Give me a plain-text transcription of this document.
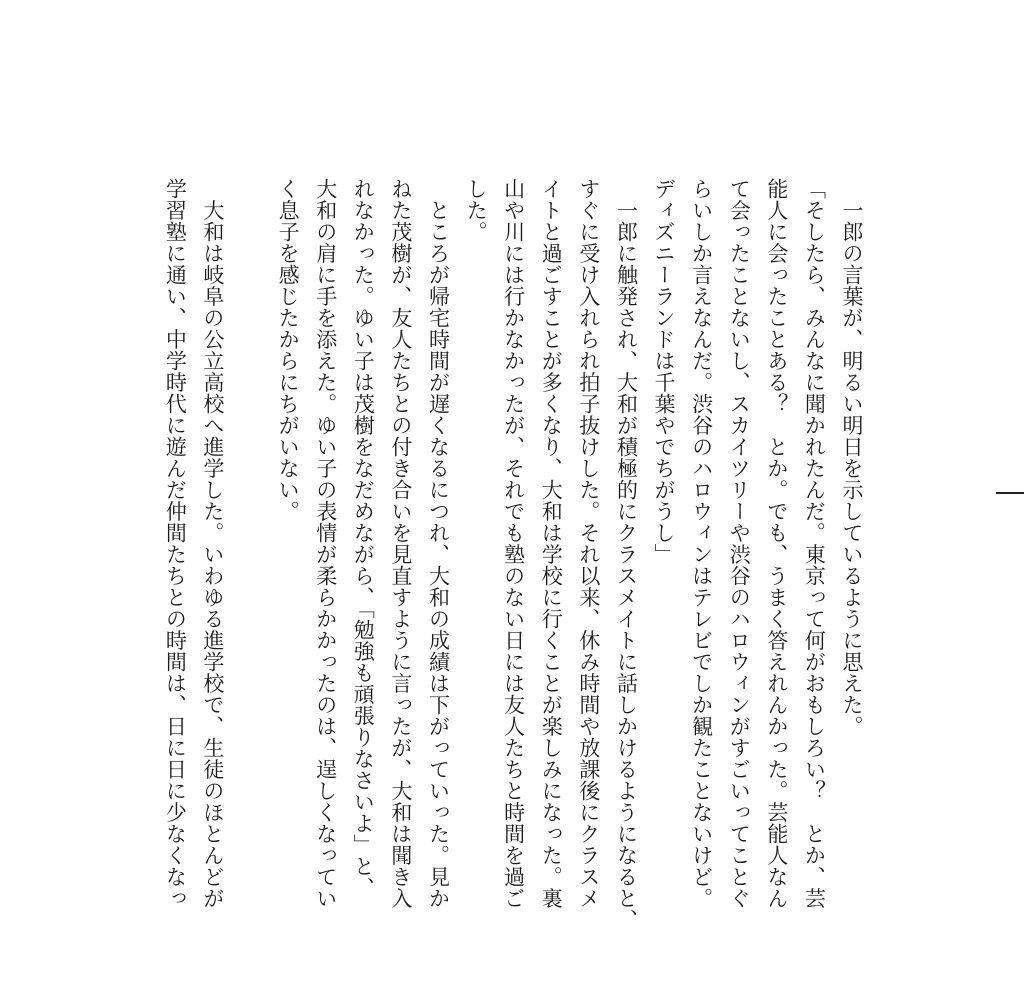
　一郎の言葉が、明るい明日を示しているように思えた。
「そしたら、みんなに聞かれたんだ。東京って何がおもしろい？　とか、芸
能人に会ったことある？　とか。でも、うまく答えれんかった。芸能人なん
て会ったことないし、スカイツリーや渋谷のハロウィンがすごいってことぐ
らいしか言えなんだ。渋谷のハロウィンはテレビでしか観たことないけど。
ディズニーランドは千葉やでちがうし」
　一郎に触発され、大和が積極的にクラスメイトに話しかけるようになると、
すぐに受け入れられ拍子抜けした。それ以来、休み時間や放課後にクラスメ
イトと過ごすことが多くなり、大和は学校に行くことが楽しみになった。裏
山や川には行かなかったが、それでも塾のない日には友人たちと時間を過ご
した。
　ところが帰宅時間が遅くなるにつれ、大和の成績は下がっていった。見か
ねた茂樹が、友人たちとの付き合いを見直すように言ったが、大和は聞き入
れなかった。ゆい子は茂樹をなだめながら、「勉強も頑張りなさいよ」と、
大和の肩に手を添えた。ゆい子の表情が柔らかかったのは、逞しくなってい
く息子を感じたからにちがいない。
　大和は岐阜の公立高校へ進学した。いわゆる進学校で、生徒のほとんどが
学習塾に通い、中学時代に遊んだ仲間たちとの時間は、日に日に少なくなっ
